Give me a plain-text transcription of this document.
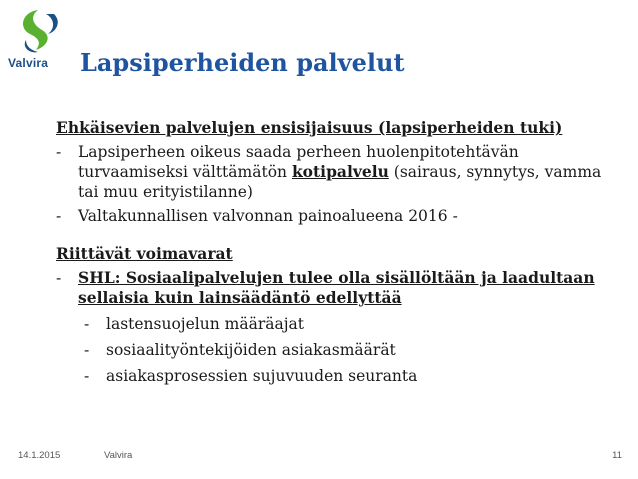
Valvira Lapsiperheiden palvelut

Ehkäisevien palvelujen ensisijaisuus (lapsiperheiden tuki)

- Lapsiperheen oikeus saada perheen huolenpitotehtävän turvaamiseksi välttämätön kotipalvelu (sairaus, synnytys, vamma tai muu erityistilanne)
- Valtakunnallisen valvonnan painoalueena 2016 -

Riittävät voimavarat

- SHL: Sosiaalipalvelujen tulee olla sisällöltään ja laadultaan sellaisia kuin lainsäädäntö edellyttää
- lastensuojelun määräajat
- sosiaalityöntekijöiden asiakasmäärät
- asiakasprosessien sujuvuuden seuranta
14.1.2015	Valvira	11
